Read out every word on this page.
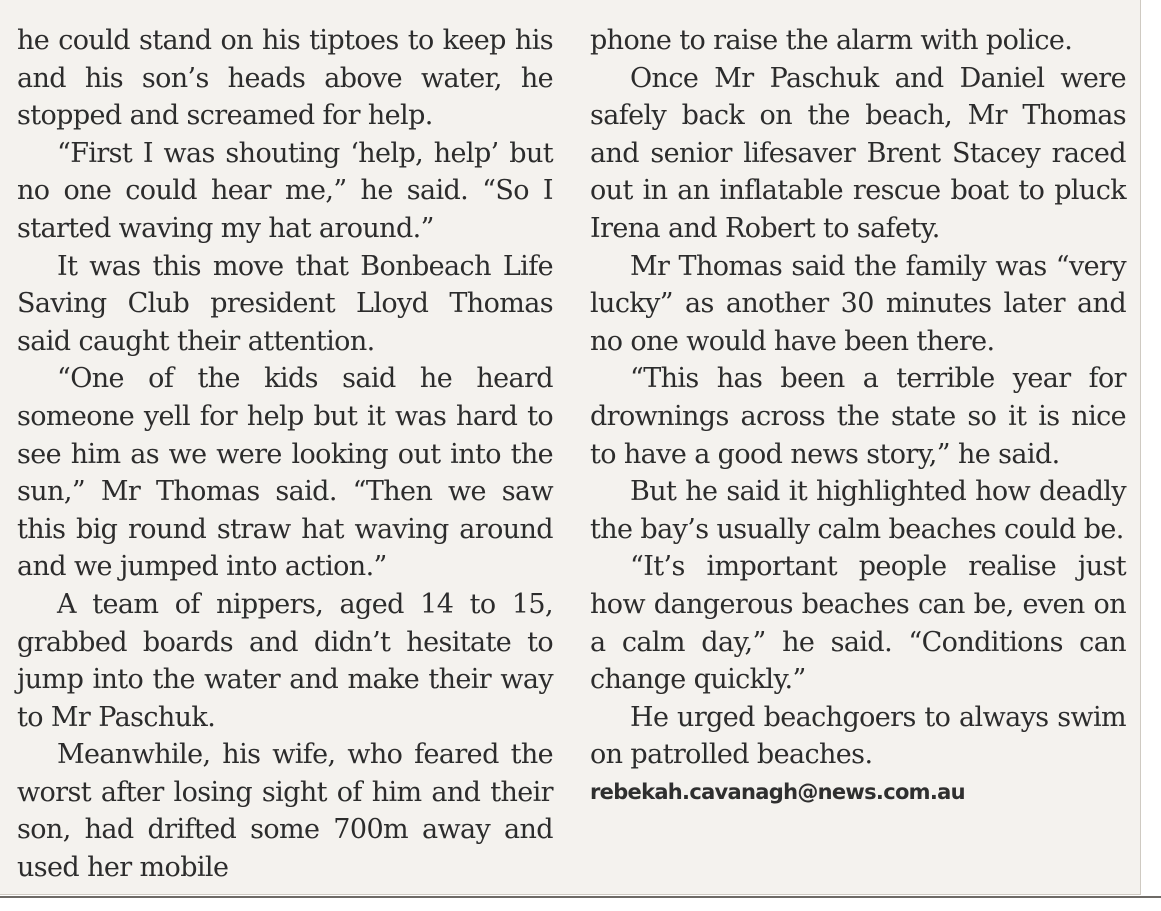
he could stand on his tiptoes to keep his and his son’s heads above water, he stopped and screamed for help.

“First I was shouting ‘help, help’ but no one could hear me,” he said. “So I started waving my hat around.”

It was this move that Bonbeach Life Saving Club president Lloyd Thomas said caught their attention.

“One of the kids said he heard someone yell for help but it was hard to see him as we were looking out into the sun,” Mr Thomas said. “Then we saw this big round straw hat waving around and we jumped into action.”

A team of nippers, aged 14 to 15, grabbed boards and didn’t hesitate to jump into the water and make their way to Mr Paschuk.

Meanwhile, his wife, who feared the worst after losing sight of him and their son, had drifted some 700m away and used her mobile

phone to raise the alarm with police.

Once Mr Paschuk and Daniel were safely back on the beach, Mr Thomas and senior lifesaver Brent Stacey raced out in an inflatable rescue boat to pluck Irena and Robert to safety.

Mr Thomas said the family was “very lucky” as another 30 minutes later and no one would have been there.

“This has been a terrible year for drownings across the state so it is nice to have a good news story,” he said.

But he said it highlighted how deadly the bay’s usually calm beaches could be.

“It’s important people realise just how dangerous beaches can be, even on a calm day,” he said. “Conditions can change quickly.”

He urged beachgoers to always swim on patrolled beaches.

rebekah.cavanagh@news.com.au
